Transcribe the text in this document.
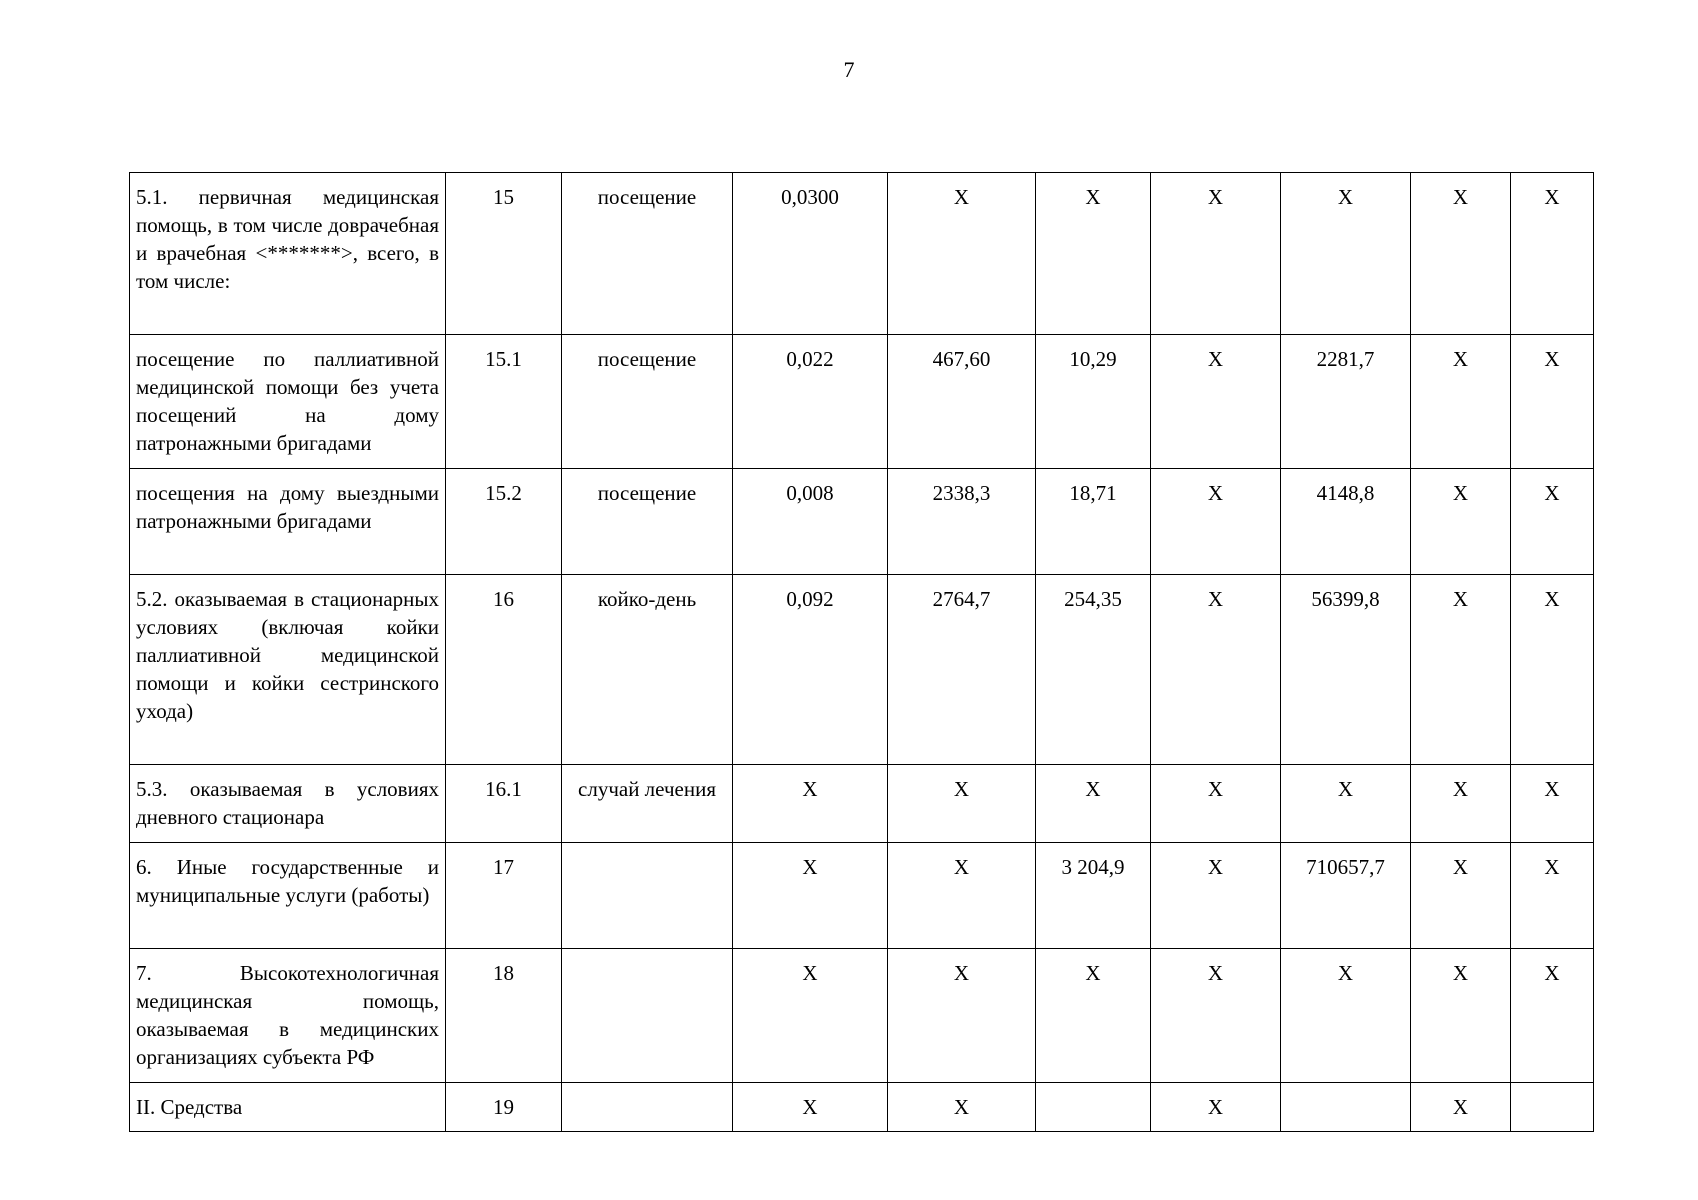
7
5.1. первичная медицинская помощь, в том числе доврачебная и врачебная <*******>, всего, в том числе:	15	посещение	0,0300	Х	Х	Х	Х	Х	Х
посещение по паллиативной медицинской помощи без учета посещений на дому патронажными бригадами	15.1	посещение	0,022	467,60	10,29	Х	2281,7	Х	Х
посещения на дому выездными патронажными бригадами	15.2	посещение	0,008	2338,3	18,71	Х	4148,8	Х	Х
5.2. оказываемая в стационарных условиях (включая койки паллиативной медицинской помощи и койки сестринского ухода)	16	койко-день	0,092	2764,7	254,35	Х	56399,8	Х	Х
5.3. оказываемая в условиях дневного стационара	16.1	случай лечения	Х	Х	Х	Х	Х	Х	Х
6. Иные государственные и муниципальные услуги (работы)	17		Х	Х	3 204,9	Х	710657,7	Х	Х
7. Высокотехнологичная медицинская помощь, оказываемая в медицинских организациях субъекта РФ	18		Х	Х	Х	Х	Х	Х	Х
II. Средства	19		Х	Х		Х		Х	
